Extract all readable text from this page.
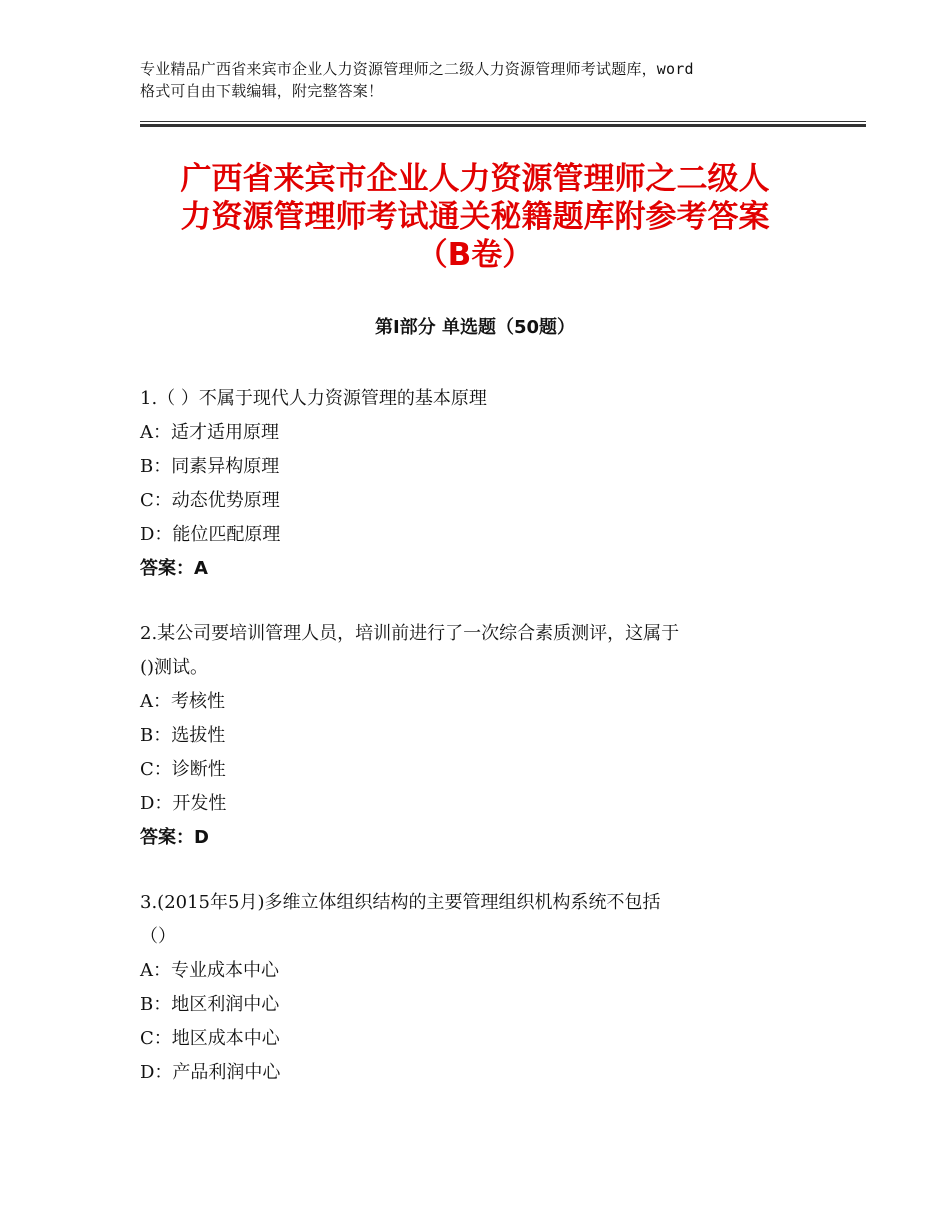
专业精品广西省来宾市企业人力资源管理师之二级人力资源管理师考试题库，word
格式可自由下载编辑，附完整答案！
广西省来宾市企业人力资源管理师之二级人
力资源管理师考试通关秘籍题库附参考答案
（B卷）
第Ⅰ部分 单选题（50题）
1.（ ）不属于现代人力资源管理的基本原理
A：适才适用原理
B：同素异构原理
C：动态优势原理
D：能位匹配原理
答案：A
2.某公司要培训管理人员，培训前进行了一次综合素质测评，这属于
()测试。
A：考核性
B：选拔性
C：诊断性
D：开发性
答案：D
3.(2015年5月)多维立体组织结构的主要管理组织机构系统不包括
（）
A：专业成本中心
B：地区利润中心
C：地区成本中心
D：产品利润中心
